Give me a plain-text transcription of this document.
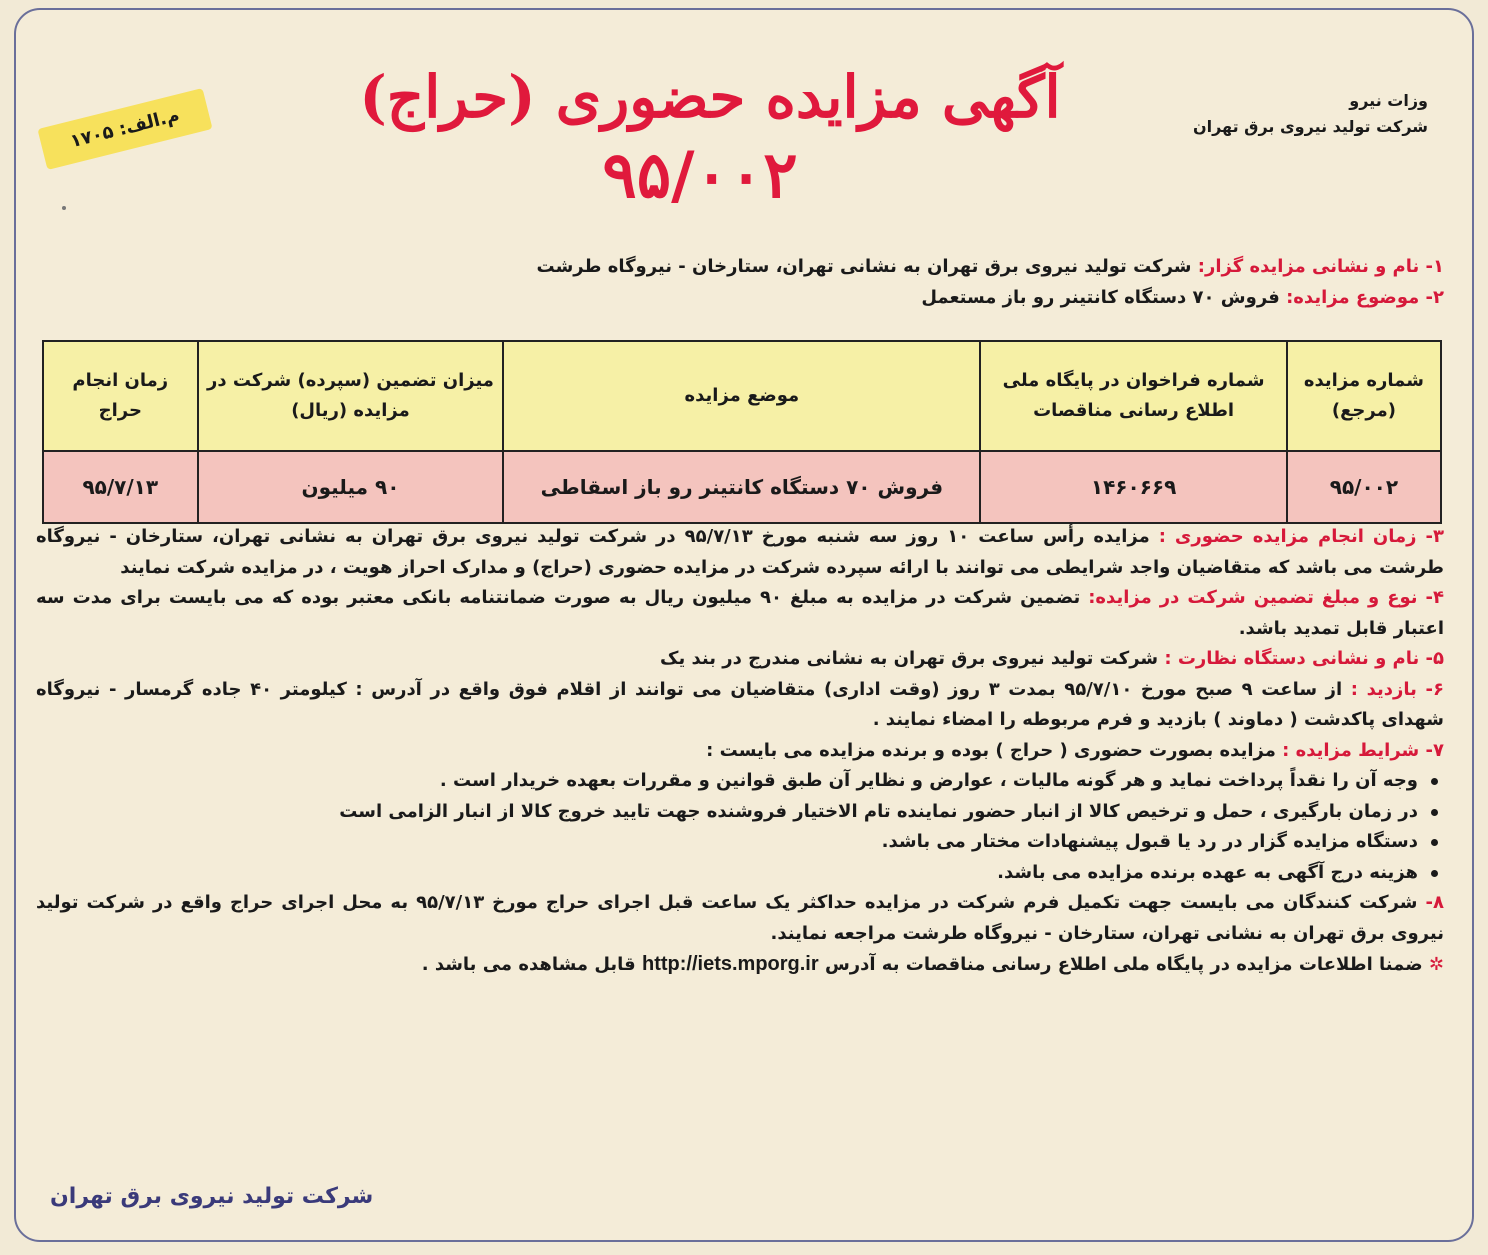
وزات نیرو
شرکت تولید نیروی برق تهران
آگهی مزایده حضوری (حراج)
۹۵/۰۰۲
م.الف: ۱۷۰۵
۱- نام و نشانی مزایده گزار: شرکت تولید نیروی برق تهران به نشانی تهران، ستارخان - نیروگاه طرشت
۲- موضوع مزایده: فروش ۷۰ دستگاه کانتینر رو باز مستعمل
شماره مزایده (مرجع)	شماره فراخوان در پایگاه ملی اطلاع رسانی مناقصات	موضع مزایده	میزان تضمین (سپرده) شرکت در مزایده (ریال)	زمان انجام حراج
۹۵/۰۰۲	۱۴۶۰۶۶۹	فروش ۷۰ دستگاه کانتینر رو باز اسقاطی	۹۰ میلیون	۹۵/۷/۱۳
۳- زمان انجام مزایده حضوری : مزایده رأس ساعت ۱۰ روز سه شنبه مورخ ۹۵/۷/۱۳ در شرکت تولید نیروی برق تهران به نشانی تهران، ستارخان - نیروگاه طرشت می باشد که متقاضیان واجد شرایطی می توانند با ارائه سپرده شرکت در مزایده حضوری (حراج) و مدارک احراز هویت ، در مزایده شرکت نمایند
۴- نوع و مبلغ تضمین شرکت در مزایده: تضمین شرکت در مزایده به مبلغ ۹۰ میلیون ریال به صورت ضمانتنامه بانکی معتبر بوده که می بایست برای مدت سه اعتبار قابل تمدید باشد.
۵- نام و نشانی دستگاه نظارت : شرکت تولید نیروی برق تهران به نشانی مندرج در بند یک
۶- بازدید : از ساعت ۹ صبح مورخ ۹۵/۷/۱۰ بمدت ۳ روز (وقت اداری) متقاضیان می توانند از اقلام فوق واقع در آدرس : کیلومتر ۴۰ جاده گرمسار - نیروگاه شهدای پاکدشت ( دماوند ) بازدید و فرم مربوطه را امضاء نمایند .
۷- شرایط مزایده : مزایده بصورت حضوری ( حراج ) بوده و برنده مزایده می بایست :
وجه آن را نقداً پرداخت نماید و هر گونه مالیات ، عوارض و نظایر آن طبق قوانین و مقررات بعهده خریدار است .
در زمان بارگیری ، حمل و ترخیص کالا از انبار حضور نماینده تام الاختیار فروشنده جهت تایید خروج کالا از انبار الزامی است
دستگاه مزایده گزار در رد یا قبول پیشنهادات مختار می باشد.
هزینه درج آگهی به عهده برنده مزایده می باشد.
۸- شرکت کنندگان می بایست جهت تکمیل فرم شرکت در مزایده حداکثر یک ساعت قبل اجرای حراج مورخ ۹۵/۷/۱۳ به محل اجرای حراج واقع در شرکت تولید نیروی برق تهران به نشانی تهران، ستارخان - نیروگاه طرشت مراجعه نمایند.
✲ ضمنا اطلاعات مزایده در پایگاه ملی اطلاع رسانی مناقصات به آدرس http://iets.mporg.ir قابل مشاهده می باشد .
شرکت تولید نیروی برق تهران
